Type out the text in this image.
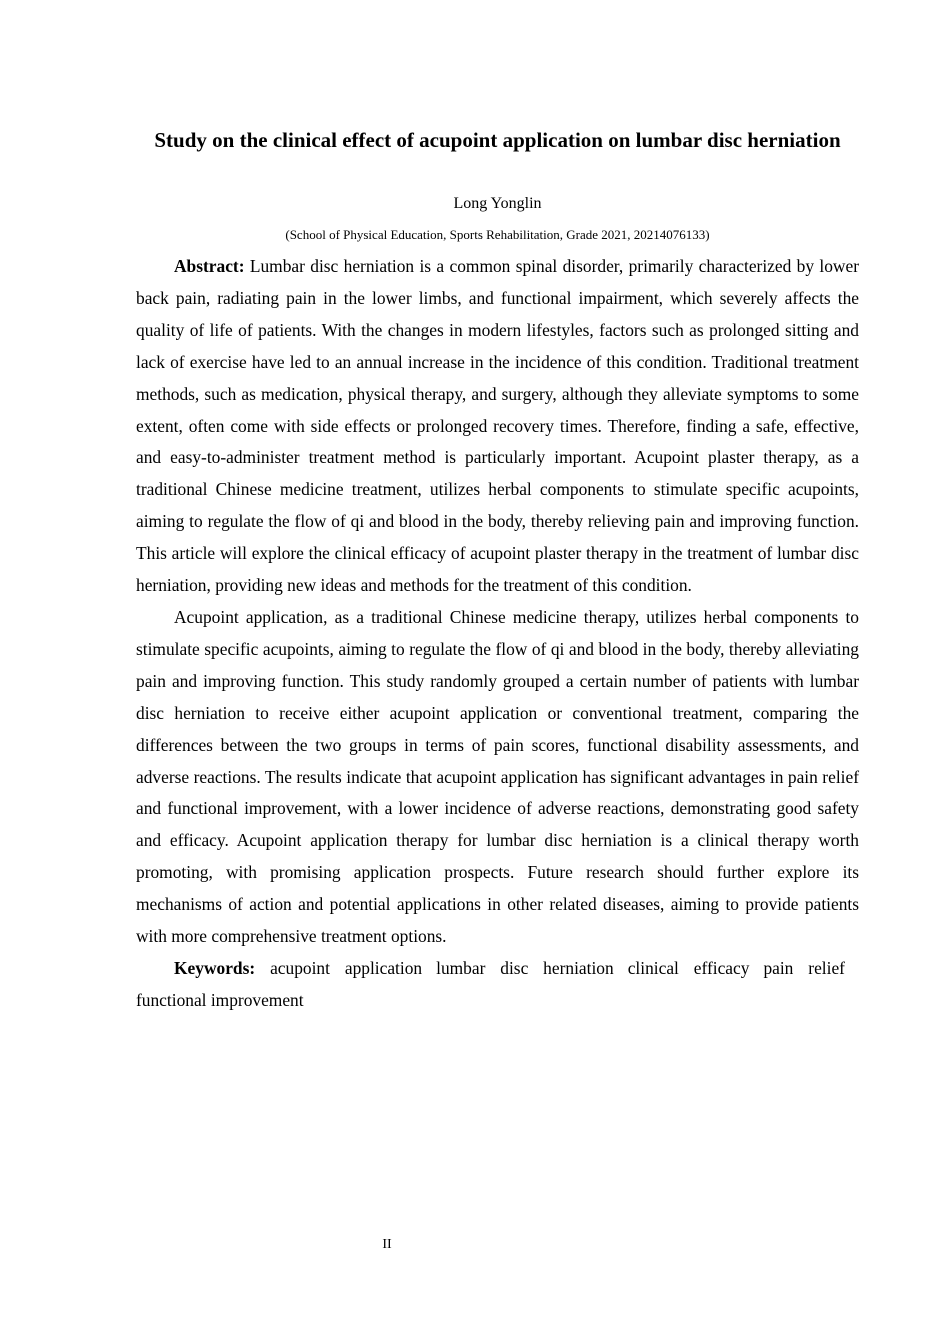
Study on the clinical effect of acupoint application on lumbar disc herniation
Long Yonglin
(School of Physical Education, Sports Rehabilitation, Grade 2021, 20214076133)

Abstract: Lumbar disc herniation is a common spinal disorder, primarily characterized by lower back pain, radiating pain in the lower limbs, and functional impairment, which severely affects the quality of life of patients. With the changes in modern lifestyles, factors such as prolonged sitting and lack of exercise have led to an annual increase in the incidence of this condition. Traditional treatment methods, such as medication, physical therapy, and surgery, although they alleviate symptoms to some extent, often come with side effects or prolonged recovery times. Therefore, finding a safe, effective, and easy-to-administer treatment method is particularly important. Acupoint plaster therapy, as a traditional Chinese medicine treatment, utilizes herbal components to stimulate specific acupoints, aiming to regulate the flow of qi and blood in the body, thereby relieving pain and improving function. This article will explore the clinical efficacy of acupoint plaster therapy in the treatment of lumbar disc herniation, providing new ideas and methods for the treatment of this condition.

Acupoint application, as a traditional Chinese medicine therapy, utilizes herbal components to stimulate specific acupoints, aiming to regulate the flow of qi and blood in the body, thereby alleviating pain and improving function. This study randomly grouped a certain number of patients with lumbar disc herniation to receive either acupoint application or conventional treatment, comparing the differences between the two groups in terms of pain scores, functional disability assessments, and adverse reactions. The results indicate that acupoint application has significant advantages in pain relief and functional improvement, with a lower incidence of adverse reactions, demonstrating good safety and efficacy. Acupoint application therapy for lumbar disc herniation is a clinical therapy worth promoting, with promising application prospects. Future research should further explore its mechanisms of action and potential applications in other related diseases, aiming to provide patients with more comprehensive treatment options.

Keywords: acupoint application lumbar disc herniation clinical efficacy pain relief functional improvement

II
